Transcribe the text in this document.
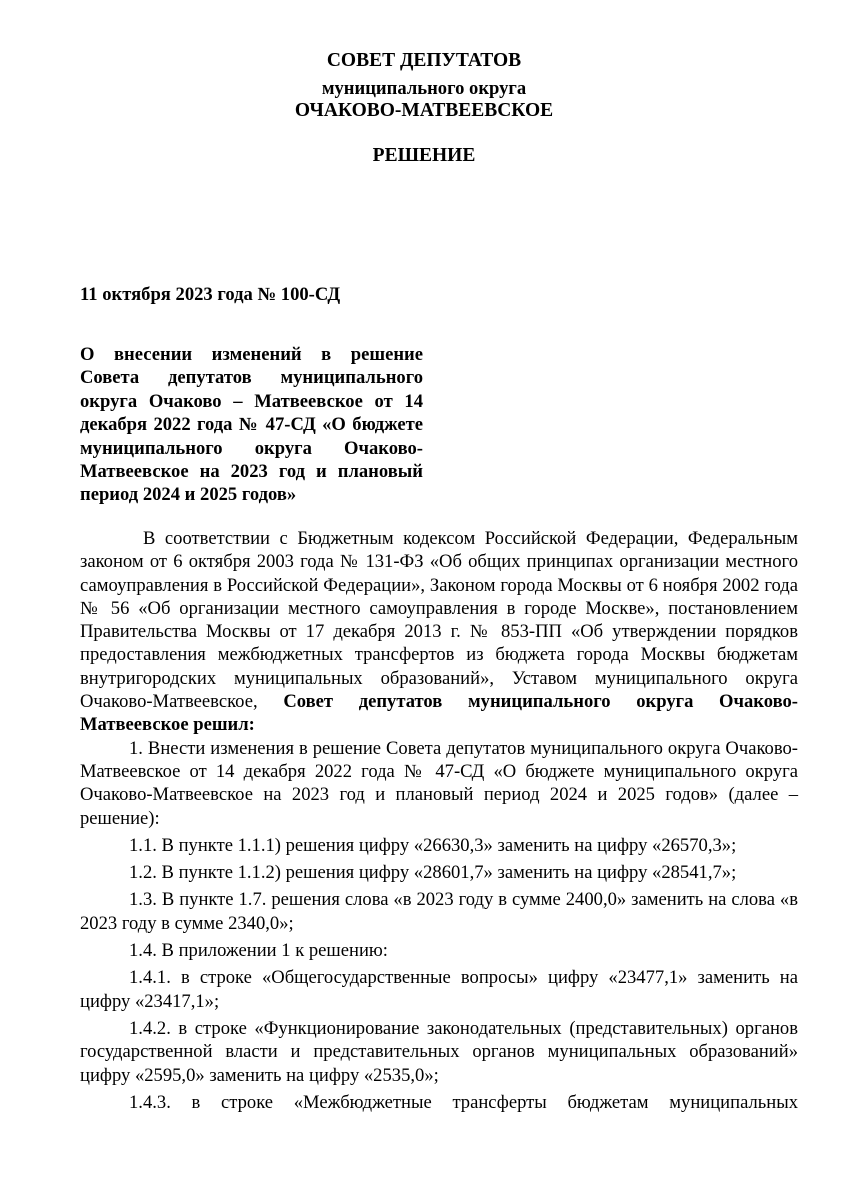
СОВЕТ ДЕПУТАТОВ
муниципального округа
ОЧАКОВО-МАТВЕЕВСКОЕ
РЕШЕНИЕ
11 октября 2023 года № 100-СД
О внесении изменений в решение Совета депутатов муниципального округа Очаково – Матвеевское от 14 декабря 2022 года № 47-СД «О бюджете муниципального округа Очаково-Матвеевское на 2023 год и плановый период 2024 и 2025 годов»

В соответствии с Бюджетным кодексом Российской Федерации, Федеральным законом от 6 октября 2003 года № 131-ФЗ «Об общих принципах организации местного самоуправления в Российской Федерации», Законом города Москвы от 6 ноября 2002 года № 56 «Об организации местного самоуправления в городе Москве», постановлением Правительства Москвы от 17 декабря 2013 г. № 853-ПП «Об утверждении порядков предоставления межбюджетных трансфертов из бюджета города Москвы бюджетам внутригородских муниципальных образований», Уставом муниципального округа Очаково-Матвеевское, Совет депутатов муниципального округа Очаково-Матвеевское решил:

1. Внести изменения в решение Совета депутатов муниципального округа Очаково-Матвеевское от 14 декабря 2022 года № 47-СД «О бюджете муниципального округа Очаково-Матвеевское на 2023 год и плановый период 2024 и 2025 годов» (далее – решение):

1.1. В пункте 1.1.1) решения цифру «26630,3» заменить на цифру «26570,3»;

1.2. В пункте 1.1.2) решения цифру «28601,7» заменить на цифру «28541,7»;

1.3. В пункте 1.7. решения слова «в 2023 году в сумме 2400,0» заменить на слова «в 2023 году в сумме 2340,0»;

1.4. В приложении 1 к решению:

1.4.1. в строке «Общегосударственные вопросы» цифру «23477,1» заменить на цифру «23417,1»;

1.4.2. в строке «Функционирование законодательных (представительных) органов государственной власти и представительных органов муниципальных образований» цифру «2595,0» заменить на цифру «2535,0»;

1.4.3. в строке «Межбюджетные трансферты бюджетам муниципальных
